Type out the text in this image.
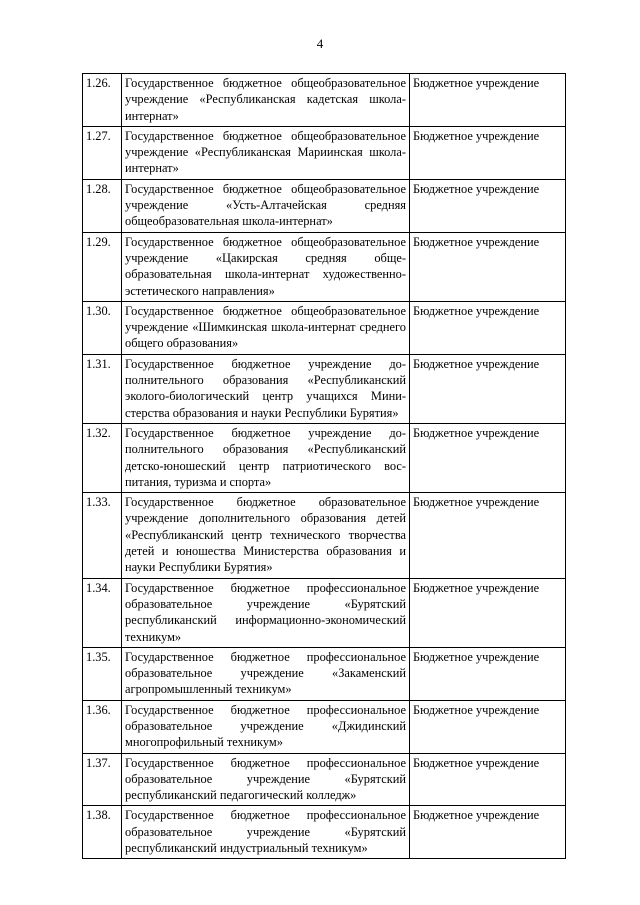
4
1.26.	Государственное бюджетное общеобразовательное учреждение «Республиканская кадетская школа-интернат»	Бюджетное учреждение
1.27.	Государственное бюджетное общеобразовательное учреждение «Республиканская Мариинская школа-интернат»	Бюджетное учреждение
1.28.	Государственное бюджетное общеобразовательное учреждение «Усть-Алтачейская средняя общеобразовательная школа-интернат»	Бюджетное учреждение
1.29.	Государственное бюджетное общеобразовательное учреждение «Цакирская средняя общеобразовательная школа-интернат художественно-эстетического направления»	Бюджетное учреждение
1.30.	Государственное бюджетное общеобразовательное учреждение «Шимкинская школа-интернат среднего общего образования»	Бюджетное учреждение
1.31.	Государственное бюджетное учреждение дополнительного образования «Республиканский эколого-биологический центр учащихся Министерства образования и науки Республики Бурятия»	Бюджетное учреждение
1.32.	Государственное бюджетное учреждение дополнительного образования «Республиканский детско-юношеский центр патриотического воспитания, туризма и спорта»	Бюджетное учреждение
1.33.	Государственное бюджетное образовательное учреждение дополнительного образования детей «Республиканский центр технического творчества детей и юношества Министерства образования и науки Республики Бурятия»	Бюджетное учреждение
1.34.	Государственное бюджетное профессиональное образовательное учреждение «Бурятский республиканский информационно-экономический техникум»	Бюджетное учреждение
1.35.	Государственное бюджетное профессиональное образовательное учреждение «Закаменский агропромышленный техникум»	Бюджетное учреждение
1.36.	Государственное бюджетное профессиональное образовательное учреждение «Джидинский многопрофильный техникум»	Бюджетное учреждение
1.37.	Государственное бюджетное профессиональное образовательное учреждение «Бурятский республиканский педагогический колледж»	Бюджетное учреждение
1.38.	Государственное бюджетное профессиональное образовательное учреждение «Бурятский республиканский индустриальный техникум»	Бюджетное учреждение
